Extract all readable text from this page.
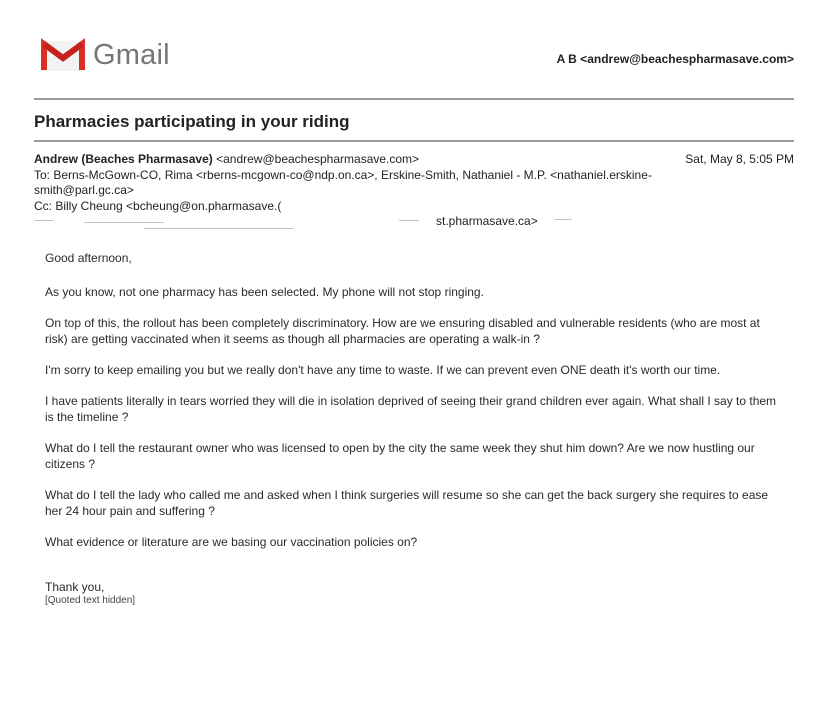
Gmail	A B <andrew@beachespharmasave.com>
Pharmacies participating in your riding
Andrew (Beaches Pharmasave) <andrew@beachespharmasave.com>	Sat, May 8, 5:05 PM
To: Berns-McGown-CO, Rima <rberns-mcgown-co@ndp.on.ca>, Erskine-Smith, Nathaniel - M.P. <nathaniel.erskine-
smith@parl.gc.ca>
Cc: Billy Cheung <bcheung@on.pharmasave.(
st.pharmasave.ca>

Good afternoon,

As you know, not one pharmacy has been selected. My phone will not stop ringing.

On top of this, the rollout has been completely discriminatory. How are we ensuring disabled and vulnerable residents (who are most at risk) are getting vaccinated when it seems as though all pharmacies are operating a walk-in ?

I'm sorry to keep emailing you but we really don't have any time to waste. If we can prevent even ONE death it's worth our time.

I have patients literally in tears worried they will die in isolation deprived of seeing their grand children ever again. What shall I say to them is the timeline ?

What do I tell the restaurant owner who was licensed to open by the city the same week they shut him down? Are we now hustling our citizens ?

What do I tell the lady who called me and asked when I think surgeries will resume so she can get the back surgery she requires to ease her 24 hour pain and suffering ?

What evidence or literature are we basing our vaccination policies on?

Thank you,

[Quoted text hidden]
